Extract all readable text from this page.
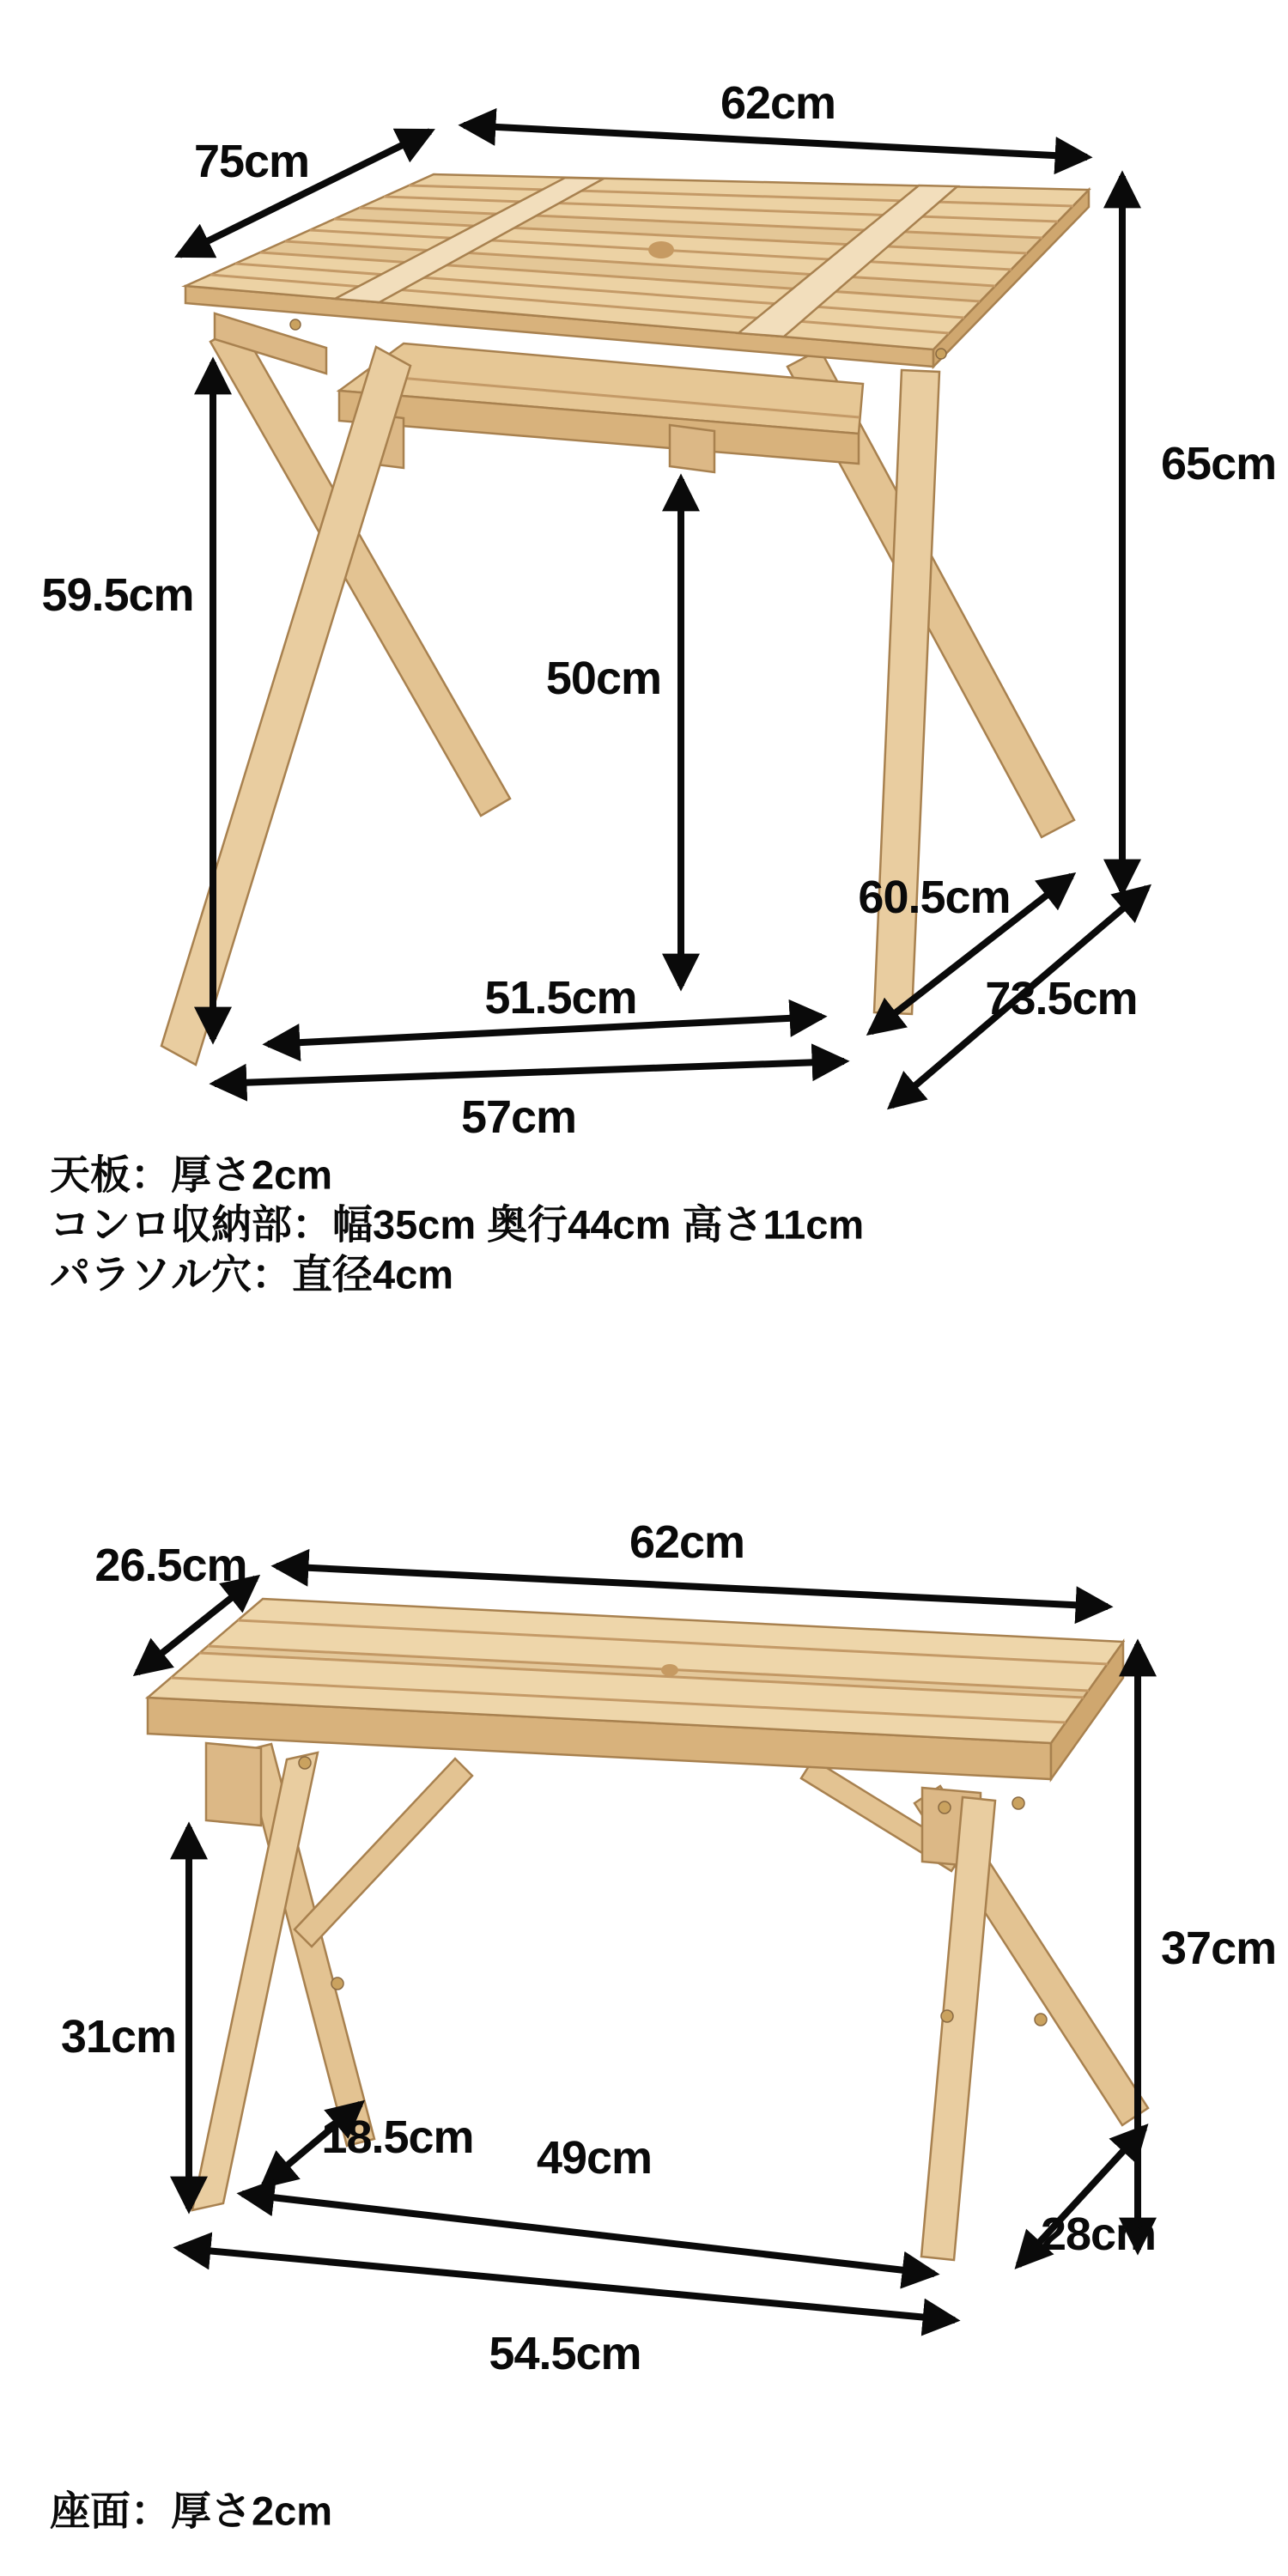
62cm
75cm
65cm
59.5cm
50cm
60.5cm
73.5cm
51.5cm
57cm
天板：厚さ2cm
コンロ収納部：幅35cm 奥行44cm 高さ11cm
パラソル穴：直径4cm
62cm
26.5cm
37cm
31cm
18.5cm 49cm
54.5cm
28cm
座面：厚さ2cm
